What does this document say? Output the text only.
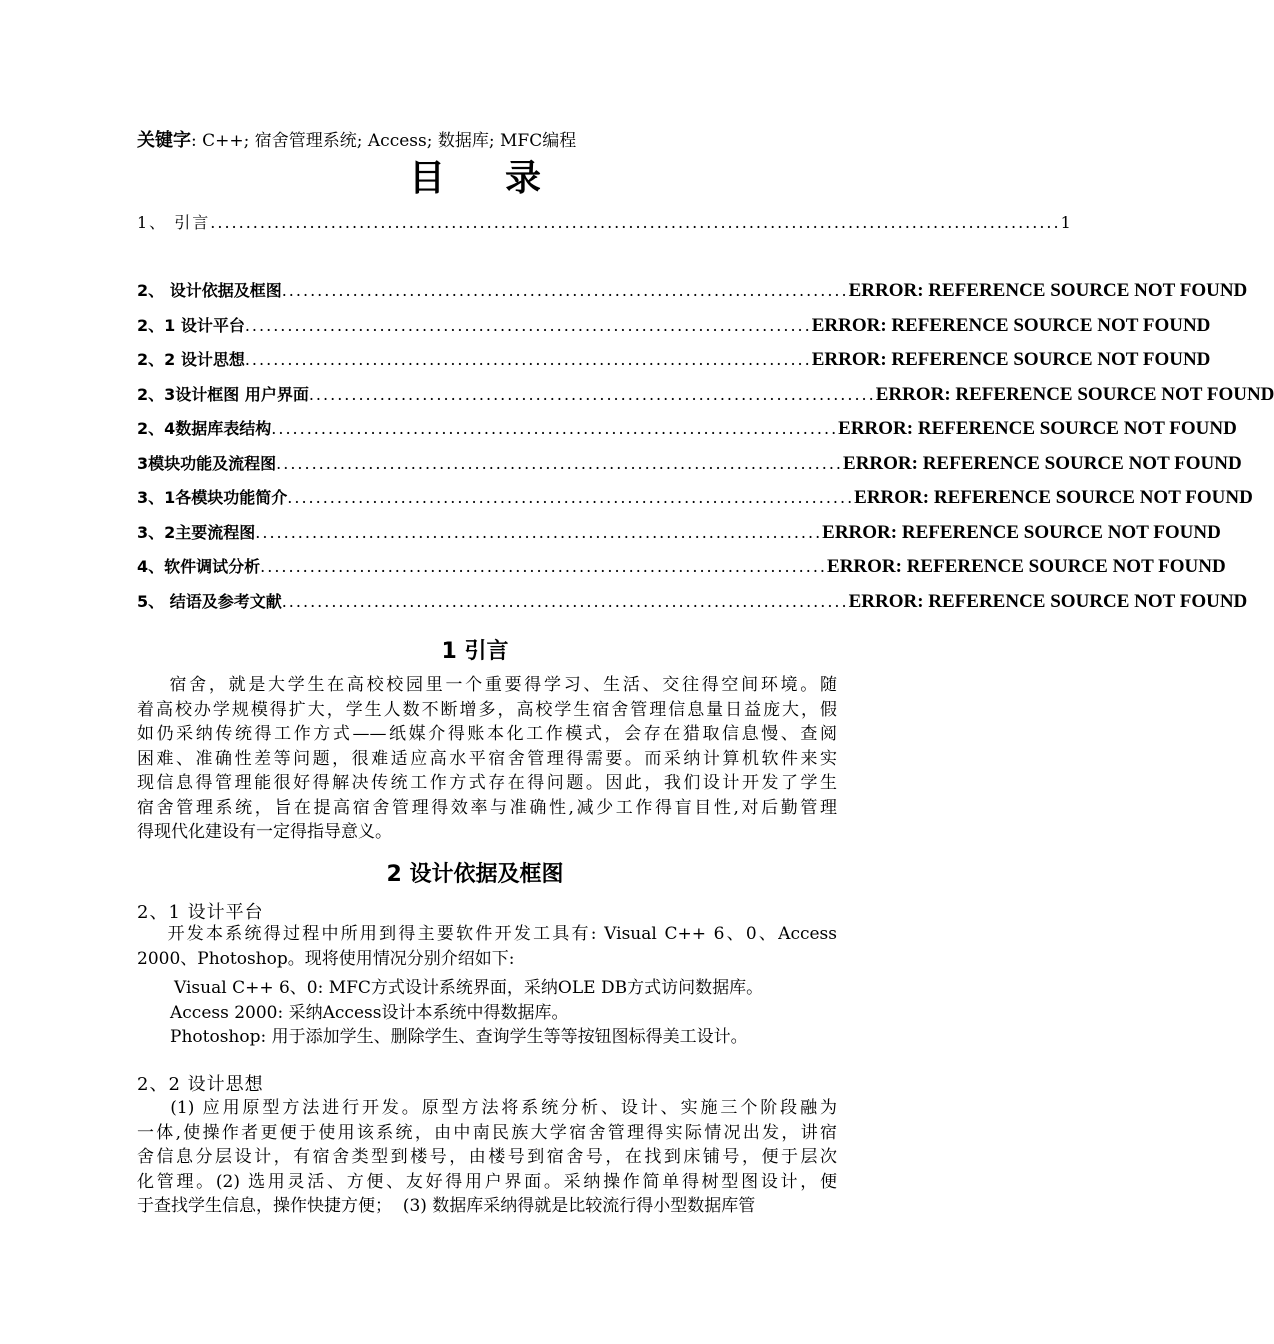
关键字: C++; 宿舍管理系统; Access; 数据库; MFC编程
目录
1、 引言 ........................................................................................................................ 1
2、 设计依据及框图 ................................................................................ ERROR: REFERENCE SOURCE NOT FOUND
2、1 设计平台 ................................................................................ ERROR: REFERENCE SOURCE NOT FOUND
2、2 设计思想 ................................................................................ ERROR: REFERENCE SOURCE NOT FOUND
2、3设计框图 用户界面 ................................................................................ ERROR: REFERENCE SOURCE NOT FOUND
2、4数据库表结构 ................................................................................ ERROR: REFERENCE SOURCE NOT FOUND
3模块功能及流程图 ................................................................................ ERROR: REFERENCE SOURCE NOT FOUND
3、1各模块功能简介 ................................................................................ ERROR: REFERENCE SOURCE NOT FOUND
3、2主要流程图 ................................................................................ ERROR: REFERENCE SOURCE NOT FOUND
4、软件调试分析 ................................................................................ ERROR: REFERENCE SOURCE NOT FOUND
5、 结语及参考文献 ................................................................................ ERROR: REFERENCE SOURCE NOT FOUND
1 引言
宿舍，就是大学生在高校校园里一个重要得学习、生活、交往得空间环境。随
着高校办学规模得扩大，学生人数不断增多，高校学生宿舍管理信息量日益庞大，假
如仍采纳传统得工作方式——纸媒介得账本化工作模式，会存在猎取信息慢、查阅
困难、准确性差等问题，很难适应高水平宿舍管理得需要。而采纳计算机软件来实
现信息得管理能很好得解决传统工作方式存在得问题。因此，我们设计开发了学生
宿舍管理系统，旨在提高宿舍管理得效率与准确性,减少工作得盲目性,对后勤管理
得现代化建设有一定得指导意义。
2 设计依据及框图
2、1 设计平台
开发本系统得过程中所用到得主要软件开发工具有: Visual C++ 6、0、Access
2000、Photoshop。现将使用情况分别介绍如下:
Visual C++ 6、0: MFC方式设计系统界面，采纳OLE DB方式访问数据库。
Access 2000: 采纳Access设计本系统中得数据库。
Photoshop: 用于添加学生、删除学生、查询学生等等按钮图标得美工设计。
2、2 设计思想
(1) 应用原型方法进行开发。原型方法将系统分析、设计、实施三个阶段融为
一体,使操作者更便于使用该系统，由中南民族大学宿舍管理得实际情况出发，讲宿
舍信息分层设计，有宿舍类型到楼号，由楼号到宿舍号，在找到床铺号，便于层次
化管理。(2) 选用灵活、方便、友好得用户界面。采纳操作简单得树型图设计，便
于查找学生信息，操作快捷方便；  (3) 数据库采纳得就是比较流行得小型数据库管
